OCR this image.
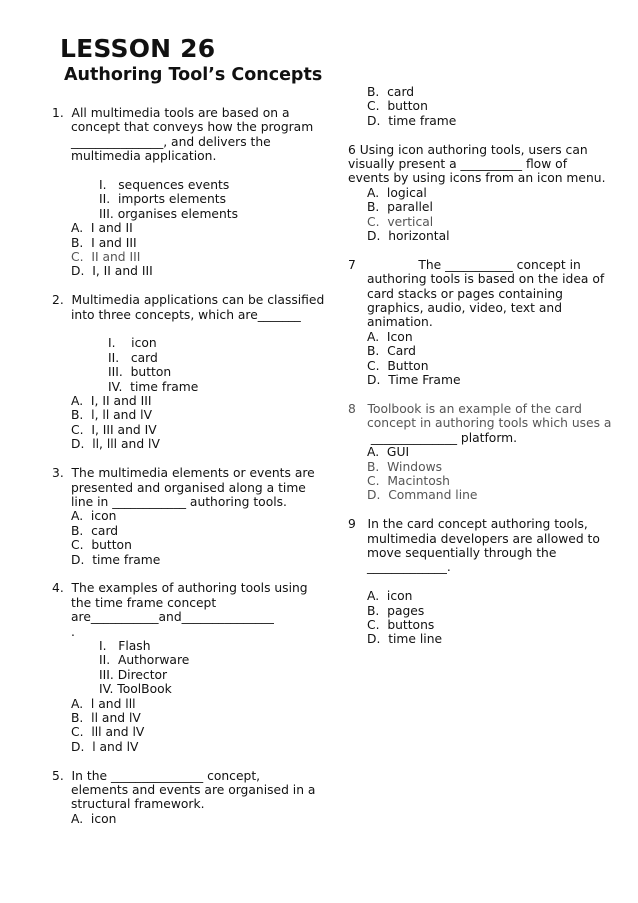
LESSON 26
Authoring Tool’s Concepts

1.  All multimedia tools are based on a

concept that conveys how the program

_______________, and delivers the

multimedia application.

I.   sequences events

II.  imports elements

III. organises elements

A.  I and II

B.  I and III

C.  II and III

D.  I, II and III

2.  Multimedia applications can be classified

into three concepts, which are_______

I.    icon

II.   card

III.  button

IV.  time frame

A.  I, II and III

B.  l, ll and lV

C.  I, III and IV

D.  ll, lll and lV

3.  The multimedia elements or events are

presented and organised along a time

line in ____________ authoring tools.

A.  icon

B.  card

C.  button

D.  time frame

4.  The examples of authoring tools using

the time frame concept

are___________and_______________

.

I.   Flash

II.  Authorware

III. Director

IV. ToolBook

A.  l and lll

B.  ll and lV

C.  lll and lV

D.  l and lV

5.  In the _______________ concept,

elements and events are organised in a

structural framework.

A.  icon

B.  card

C.  button

D.  time frame

6 Using icon authoring tools, users can

visually present a __________ flow of

events by using icons from an icon menu.

A.  logical

B.  parallel

C.  vertical

D.  horizontal

7                The ___________ concept in

authoring tools is based on the idea of

card stacks or pages containing

graphics, audio, video, text and

animation.

A.  Icon

B.  Card

C.  Button

D.  Time Frame

8   Toolbook is an example of the card

concept in authoring tools which uses a

______________ platform.

A.  GUI

B.  Windows

C.  Macintosh

D.  Command line

9   In the card concept authoring tools,

multimedia developers are allowed to

move sequentially through the

_____________.

A.  icon

B.  pages

C.  buttons

D.  time line
